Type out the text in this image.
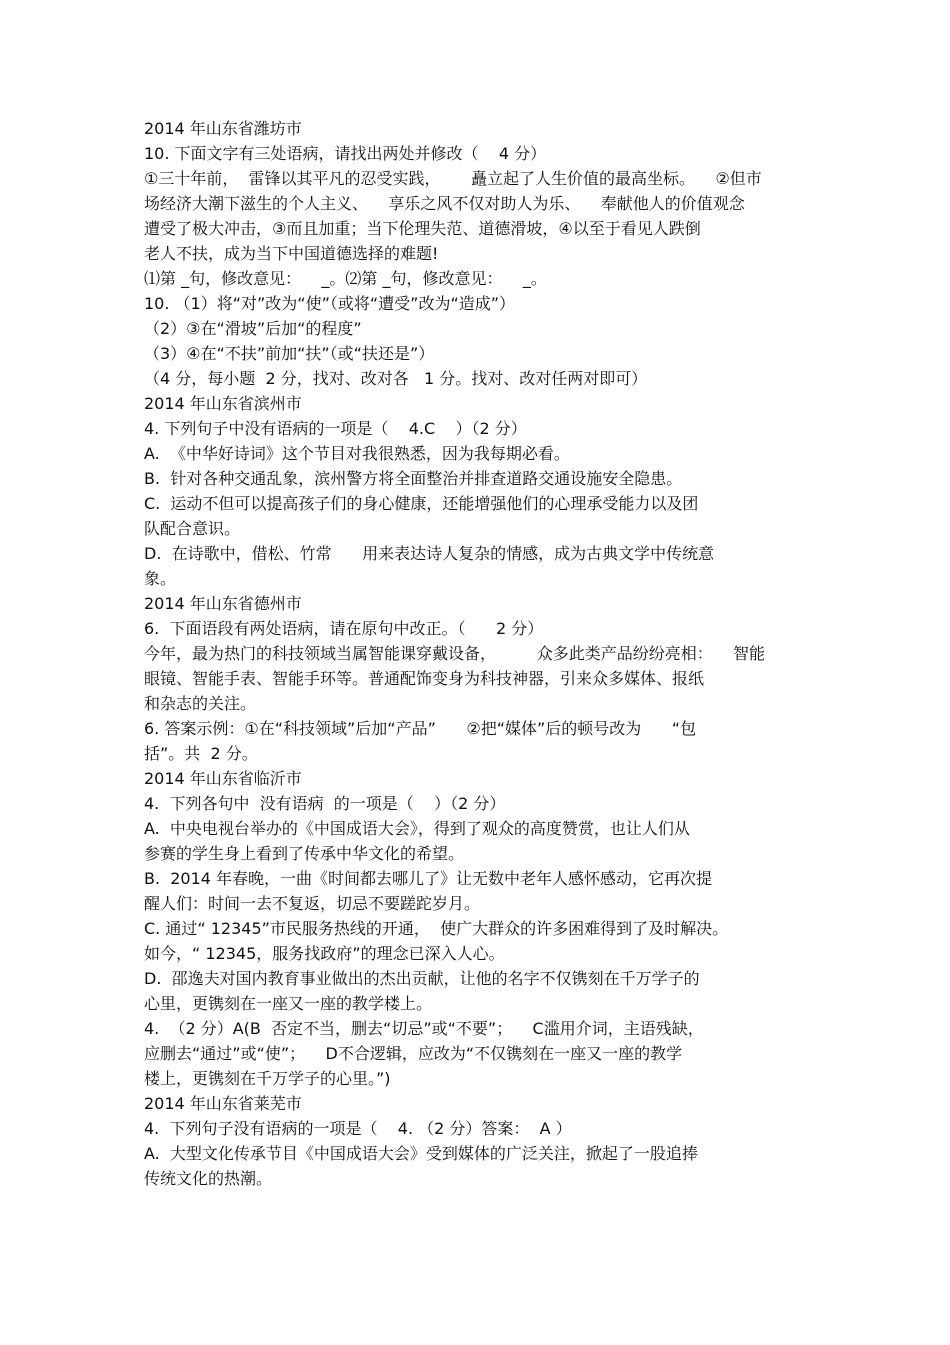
2014 年山东省潍坊市
10. 下面文字有三处语病，请找出两处并修改（    4 分）
①三十年前，  雷锋以其平凡的忍受实践，      矗立起了人生价值的最高坐标。    ②但市
场经济大潮下滋生的个人主义、    享乐之风不仅对助人为乐、    奉献他人的价值观念
遭受了极大冲击，③而且加重；当下伦理失范、道德滑坡，④以至于看见人跌倒
老人不扶，成为当下中国道德选择的难题!
⑴第 _句，修改意见：    _。⑵第 _句，修改意见：    _。
10. （1）将“对”改为“使”（或将“遭受”改为“造成”）
（2）③在“滑坡”后加“的程度”
（3）④在“不扶”前加“扶”（或“扶还是”）
（4 分，每小题  2 分，找对、改对各   1 分。找对、改对任两对即可）
2014 年山东省滨州市
4. 下列句子中没有语病的一项是（    4.C    ）（2 分）
A.  《中华好诗词》这个节目对我很熟悉，因为我每期必看。
B.  针对各种交通乱象，滨州警方将全面整治并排查道路交通设施安全隐患。
C.  运动不但可以提高孩子们的身心健康，还能增强他们的心理承受能力以及团
队配合意识。
D.  在诗歌中，借松、竹常      用来表达诗人复杂的情感，成为古典文学中传统意
象。
2014 年山东省德州市
6.  下面语段有两处语病，请在原句中改正。（      2 分）
今年，最为热门的科技领域当属智能课穿戴设备，        众多此类产品纷纷亮相：    智能
眼镜、智能手表、智能手环等。普通配饰变身为科技神器，引来众多媒体、报纸
和杂志的关注。
6. 答案示例：①在“科技领域”后加“产品”      ②把“媒体”后的顿号改为      “包
括”。共  2 分。
2014 年山东省临沂市
4.  下列各句中  没有语病  的一项是（    ）（2 分）
A.  中央电视台举办的《中国成语大会》，得到了观众的高度赞赏，也让人们从
参赛的学生身上看到了传承中华文化的希望。
B.  2014 年春晚，一曲《时间都去哪儿了》让无数中老年人感怀感动，它再次提
醒人们：时间一去不复返，切忌不要蹉跎岁月。
C. 通过“ 12345”市民服务热线的开通，  使广大群众的许多困难得到了及时解决。
如今，“ 12345，服务找政府”的理念已深入人心。
D.  邵逸夫对国内教育事业做出的杰出贡献，让他的名字不仅镌刻在千万学子的
心里，更镌刻在一座又一座的教学楼上。
4.  （2 分）A(B  否定不当，删去“切忌”或“不要”；    C滥用介词，主语残缺，
应删去“通过”或“使”；    D不合逻辑，应改为“不仅镌刻在一座又一座的教学
楼上，更镌刻在千万学子的心里。”)
2014 年山东省莱芜市
4.  下列句子没有语病的一项是（    4. （2 分）答案：  A ）
A.  大型文化传承节目《中国成语大会》受到媒体的广泛关注，掀起了一股追捧
传统文化的热潮。
